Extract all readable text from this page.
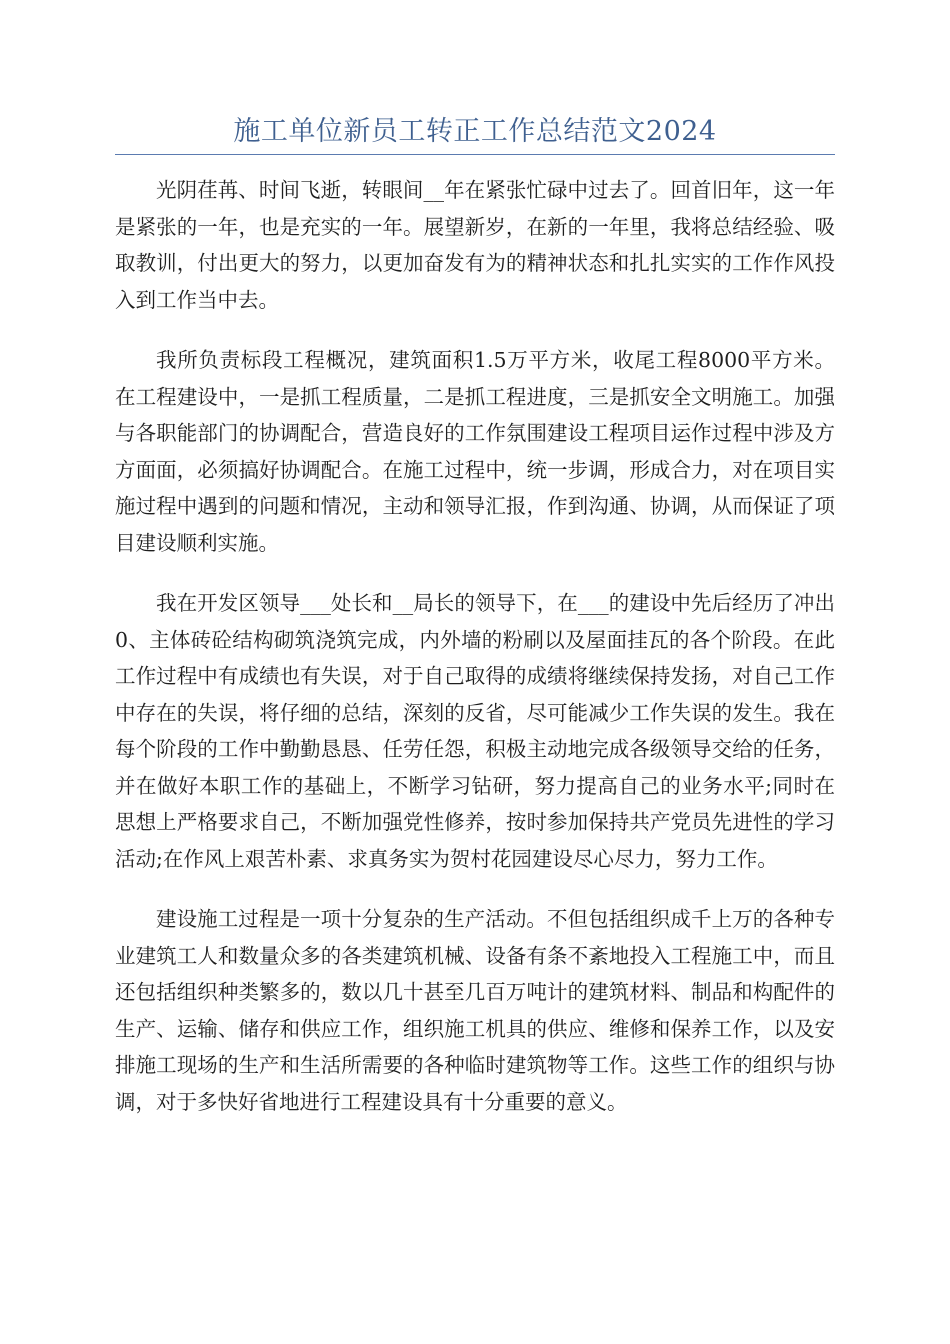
施工单位新员工转正工作总结范文2024

光阴荏苒、时间飞逝，转眼间__年在紧张忙碌中过去了。回首旧年，这一年是紧张的一年，也是充实的一年。展望新岁，在新的一年里，我将总结经验、吸取教训，付出更大的努力，以更加奋发有为的精神状态和扎扎实实的工作作风投入到工作当中去。

我所负责标段工程概况，建筑面积1.5万平方米，收尾工程8000平方米。在工程建设中，一是抓工程质量，二是抓工程进度，三是抓安全文明施工。加强与各职能部门的协调配合，营造良好的工作氛围建设工程项目运作过程中涉及方方面面，必须搞好协调配合。在施工过程中，统一步调，形成合力，对在项目实施过程中遇到的问题和情况，主动和领导汇报，作到沟通、协调，从而保证了项目建设顺利实施。

我在开发区领导___处长和__局长的领导下，在___的建设中先后经历了冲出0、主体砖砼结构砌筑浇筑完成，内外墙的粉刷以及屋面挂瓦的各个阶段。在此工作过程中有成绩也有失误，对于自己取得的成绩将继续保持发扬，对自己工作中存在的失误，将仔细的总结，深刻的反省，尽可能减少工作失误的发生。我在每个阶段的工作中勤勤恳恳、任劳任怨，积极主动地完成各级领导交给的任务，并在做好本职工作的基础上，不断学习钻研，努力提高自己的业务水平;同时在思想上严格要求自己，不断加强党性修养，按时参加保持共产党员先进性的学习活动;在作风上艰苦朴素、求真务实为贺村花园建设尽心尽力，努力工作。

建设施工过程是一项十分复杂的生产活动。不但包括组织成千上万的各种专业建筑工人和数量众多的各类建筑机械、设备有条不紊地投入工程施工中，而且还包括组织种类繁多的，数以几十甚至几百万吨计的建筑材料、制品和构配件的生产、运输、储存和供应工作，组织施工机具的供应、维修和保养工作，以及安排施工现场的生产和生活所需要的各种临时建筑物等工作。这些工作的组织与协调，对于多快好省地进行工程建设具有十分重要的意义。
